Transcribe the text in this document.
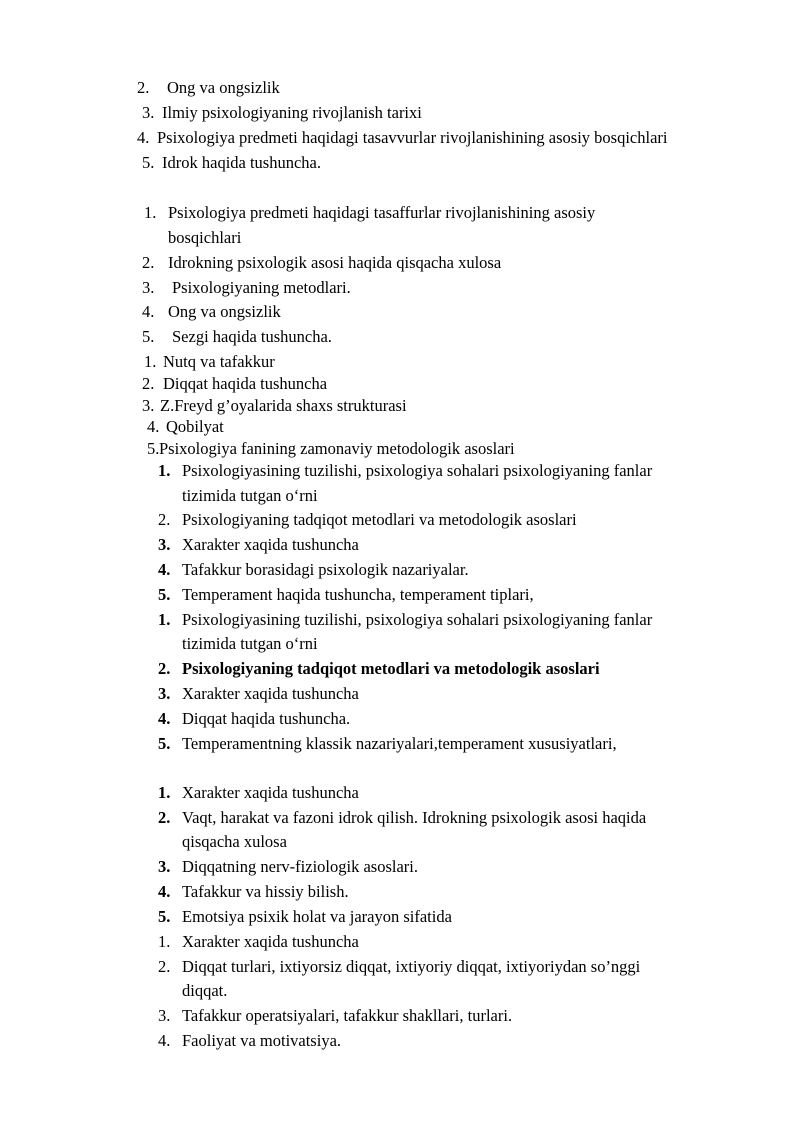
2. Ong va ongsizlik
3. Ilmiy psixologiyaning rivojlanish tarixi
4. Psixologiya predmeti haqidagi tasavvurlar rivojlanishining asosiy bosqichlari
5. Idrok haqida tushuncha.
1. Psixologiya predmeti haqidagi tasaffurlar rivojlanishining asosiy
bosqichlari
2. Idrokning psixologik asosi haqida qisqacha xulosa
3. Psixologiyaning metodlari.
4. Ong va ongsizlik
5. Sezgi haqida tushuncha.
1. Nutq va tafakkur
2. Diqqat haqida tushuncha
3. Z.Freyd g’oyalarida shaxs strukturasi
4. Qobilyat
5. Psixologiya fanining zamonaviy metodologik asoslari
1. Psixologiyasining tuzilishi, psixologiya sohalari psixologiyaning fanlar
tizimida tutgan o‘rni
2. Psixologiyaning tadqiqot metodlari va metodologik asoslari
3. Xarakter xaqida tushuncha
4. Tafakkur borasidagi psixologik nazariyalar.
5. Temperament haqida tushuncha, temperament tiplari,
1. Psixologiyasining tuzilishi, psixologiya sohalari psixologiyaning fanlar
tizimida tutgan o‘rni
2. Psixologiyaning tadqiqot metodlari va metodologik asoslari
3. Xarakter xaqida tushuncha
4. Diqqat haqida tushuncha.
5. Temperamentning klassik nazariyalari,temperament xususiyatlari,
1. Xarakter xaqida tushuncha
2. Vaqt, harakat va fazoni idrok qilish. Idrokning psixologik asosi haqida
qisqacha xulosa
3. Diqqatning nerv-fiziologik asoslari.
4. Tafakkur va hissiy bilish.
5. Emotsiya psixik holat va jarayon sifatida
1. Xarakter xaqida tushuncha
2. Diqqat turlari, ixtiyorsiz diqqat, ixtiyoriy diqqat, ixtiyoriydan so’nggi
diqqat.
3. Tafakkur operatsiyalari, tafakkur shakllari, turlari.
4. Faoliyat va motivatsiya.
